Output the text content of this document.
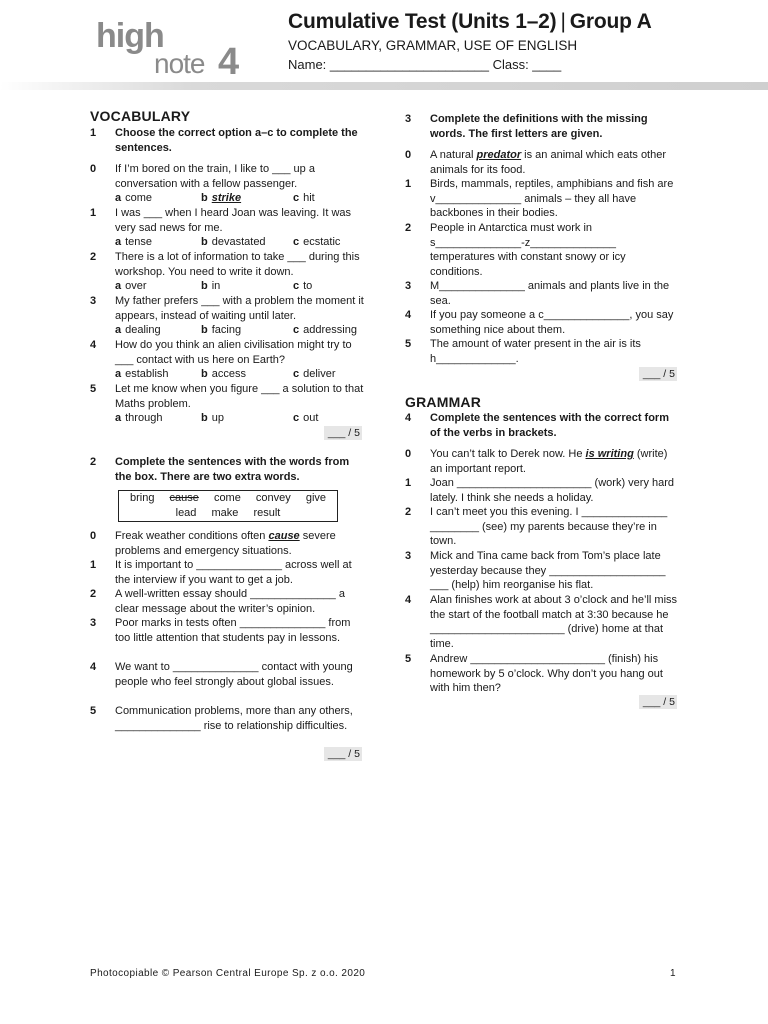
high
note 4
Cumulative Test (Units 1–2) | Group A
VOCABULARY, GRAMMAR, USE OF ENGLISH
Name: ______________________ Class: ____
VOCABULARY
1	Choose the correct option a–c to complete the sentences.
0	If I’m bored on the train, I like to ___ up a conversation with a fellow passenger.
a come	b strike	c hit
1	I was ___ when I heard Joan was leaving. It was very sad news for me.
a tense	b devastated	c ecstatic
2	There is a lot of information to take ___ during this workshop. You need to write it down.
a over	b in	c to
3	My father prefers ___ with a problem the moment it appears, instead of waiting until later.
a dealing	b facing	c addressing
4	How do you think an alien civilisation might try to ___ contact with us here on Earth?
a establish	b access	c deliver
5	Let me know when you figure ___ a solution to that Maths problem.
a through	b up	c out
___ / 5
2	Complete the sentences with the words from the box. There are two extra words.
bring cause come convey give
lead make result
0	Freak weather conditions often cause severe problems and emergency situations.
1	It is important to ______________ across well at the interview if you want to get a job.
2	A well-written essay should ______________ a clear message about the writer’s opinion.
3	Poor marks in tests often ______________ from too little attention that students pay in lessons.
4	We want to ______________ contact with young people who feel strongly about global issues.
5	Communication problems, more than any others, ______________ rise to relationship difficulties.
___ / 5
3	Complete the definitions with the missing words. The first letters are given.
0	A natural predator is an animal which eats other animals for its food.
1	Birds, mammals, reptiles, amphibians and fish are v______________ animals – they all have backbones in their bodies.
2	People in Antarctica must work in s______________-z______________ temperatures with constant snowy or icy conditions.
3	M______________ animals and plants live in the sea.
4	If you pay someone a c______________, you say something nice about them.
5	The amount of water present in the air is its h_____________.
___ / 5
GRAMMAR
4	Complete the sentences with the correct form of the verbs in brackets.
0	You can’t talk to Derek now. He is writing (write) an important report.
1	Joan ______________________ (work) very hard lately. I think she needs a holiday.
2	I can’t meet you this evening. I ______________ ________ (see) my parents because they’re in town.
3	Mick and Tina came back from Tom’s place late yesterday because they ___________________ ___ (help) him reorganise his flat.
4	Alan finishes work at about 3 o’clock and he’ll miss the start of the football match at 3:30 because he ______________________ (drive) home at that time.
5	Andrew ______________________ (finish) his homework by 5 o’clock. Why don’t you hang out with him then?
___ / 5
Photocopiable © Pearson Central Europe Sp. z o.o. 2020	1
